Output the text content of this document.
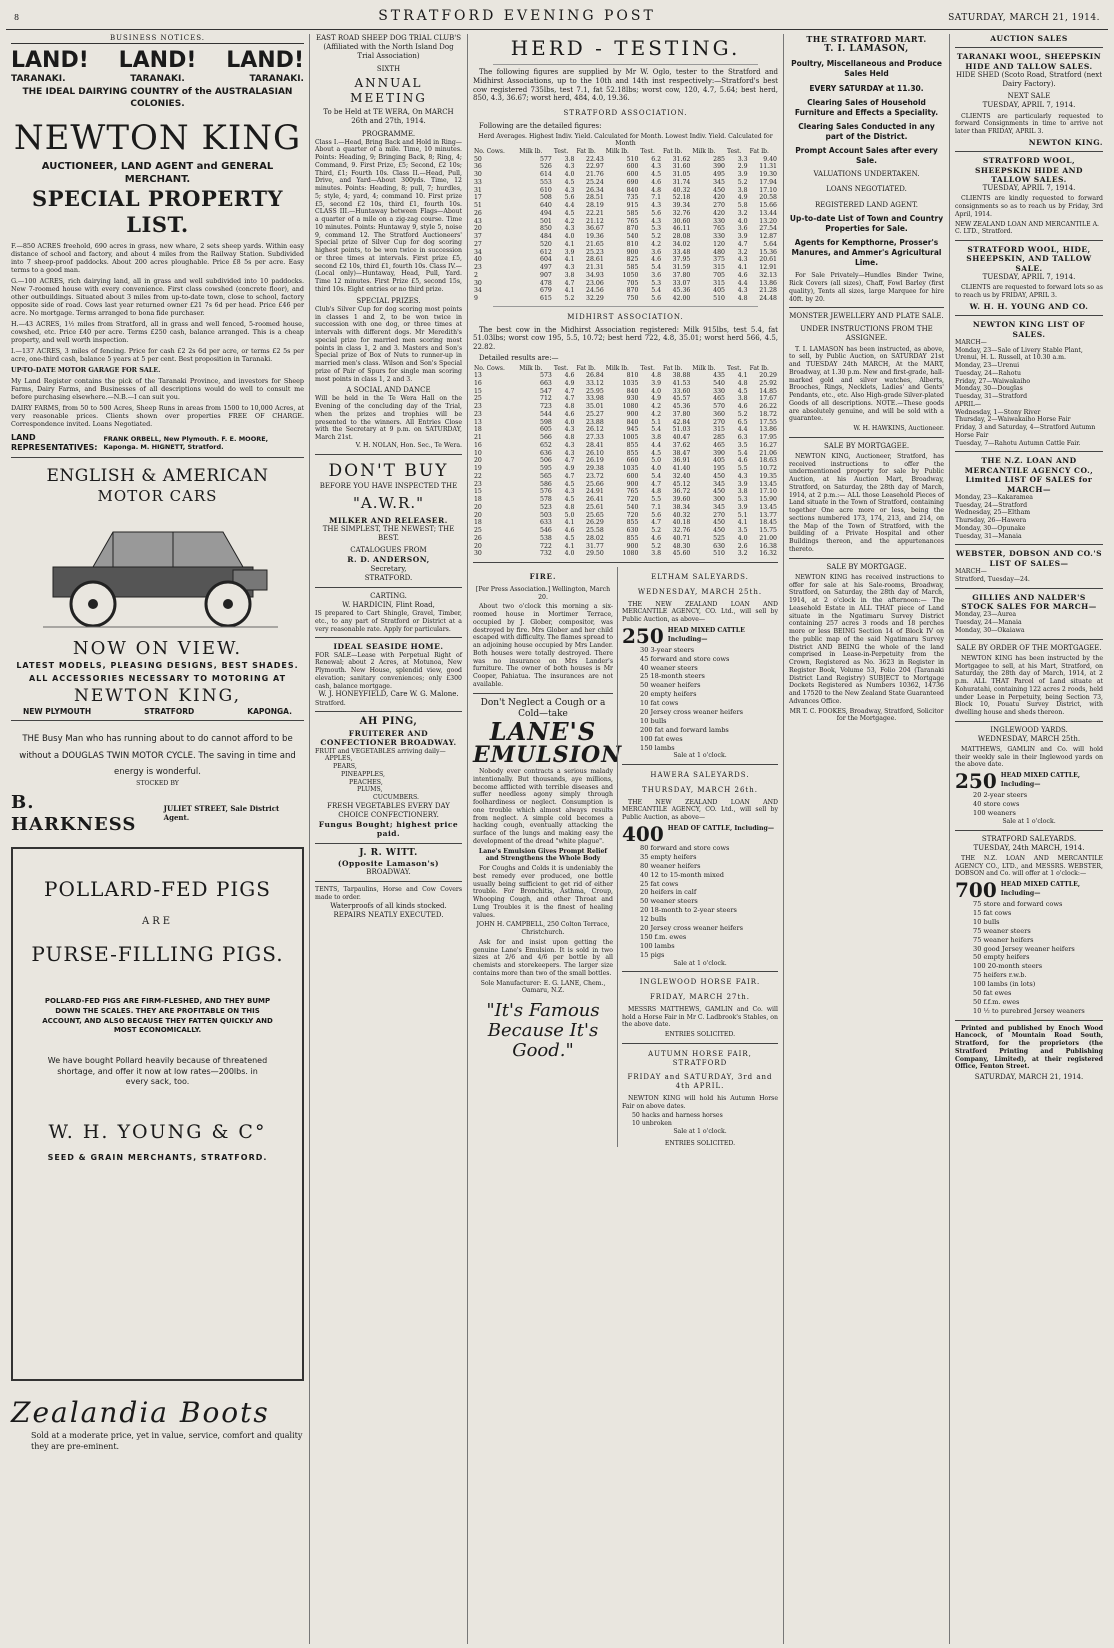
8	STRATFORD EVENING POST	SATURDAY, MARCH 21, 1914.
BUSINESS NOTICES.
LAND! LAND! LAND!
TARANAKI.	TARANAKI.	TARANAKI.
THE IDEAL DAIRYING COUNTRY of the AUSTRALASIAN COLONIES.
NEWTON KING
AUCTIONEER, LAND AGENT and GENERAL MERCHANT.
SPECIAL PROPERTY LIST.

F.—850 ACRES freehold, 690 acres in grass, new whare, 2 sets sheep yards. Within easy distance of school and factory, and about 4 miles from the Railway Station. Subdivided into 7 sheep-proof paddocks. About 200 acres ploughable. Price £8 5s per acre. Easy terms to a good man.

G.—100 ACRES, rich dairying land, all in grass and well subdivided into 10 paddocks. New 7-roomed house with every convenience. First class cowshed (concrete floor), and other outbuildings. Situated about 3 miles from up-to-date town, close to school, factory opposite side of road. Cows last year returned owner £21 7s 6d per head. Price £46 per acre. No mortgage. Terms arranged to bona fide purchaser.

H.—43 ACRES, 1½ miles from Stratford, all in grass and well fenced, 5-roomed house, cowshed, etc. Price £40 per acre. Terms £250 cash, balance arranged. This is a cheap property, and well worth inspection.

I.—137 ACRES, 3 miles of fencing. Price for cash £2 2s 6d per acre, or terms £2 5s per acre, one-third cash, balance 5 years at 5 per cent. Best proposition in Taranaki.

UP-TO-DATE MOTOR GARAGE FOR SALE.

My Land Register contains the pick of the Taranaki Province, and investors for Sheep Farms, Dairy Farms, and Businesses of all descriptions would do well to consult me before purchasing elsewhere.—N.B.—I can suit you.

DAIRY FARMS, from 50 to 500 Acres, Sheep Runs in areas from 1500 to 10,000 Acres, at very reasonable prices. Clients shown over properties FREE OF CHARGE. Correspondence invited. Loans Negotiated.

LAND REPRESENTATIVES:
FRANK ORBELL, New Plymouth. F. E. MOORE, Kaponga. M. HIGNETT, Stratford.
ENGLISH & AMERICAN
MOTOR CARS
NOW ON VIEW.
LATEST MODELS, PLEASING DESIGNS, BEST SHADES.
ALL ACCESSORIES NECESSARY TO MOTORING AT
NEWTON KING,
NEW PLYMOUTH	STRATFORD	KAPONGA.
THE Busy Man who has running about to do cannot afford to be without a DOUGLAS TWIN MOTOR CYCLE. The saving in time and energy is wonderful.
STOCKED BY
B. HARKNESS
JULIET STREET, Sale District Agent.
POLLARD-FED PIGS
ARE
PURSE-FILLING PIGS.
POLLARD-FED PIGS ARE FIRM-FLESHED, AND THEY BUMP DOWN THE SCALES. THEY ARE PROFITABLE ON THIS ACCOUNT, AND ALSO BECAUSE THEY FATTEN QUICKLY AND MOST ECONOMICALLY.
We have bought Pollard heavily because of threatened shortage, and offer it now at low rates—200lbs. in every sack, too.
W. H. YOUNG & C°
SEED & GRAIN MERCHANTS, STRATFORD.
Zealandia Boots
Sold at a moderate price, yet in value, service, comfort and quality they are pre-eminent.
EAST ROAD SHEEP DOG TRIAL CLUB'S
(Affiliated with the North Island Dog Trial Association)
SIXTH
ANNUAL MEETING
To be Held at TE WERA, On MARCH 26th and 27th, 1914.
PROGRAMME.
Class I.—Head, Bring Back and Hold in Ring—About a quarter of a mile. Time, 10 minutes. Points: Heading, 9; Bringing Back, 8; Ring, 4; Command, 9. First Prize, £5; Second, £2 10s; Third, £1; Fourth 10s. Class II.—Head, Pull, Drive, and Yard—About 300yds. Time, 12 minutes. Points: Heading, 8; pull, 7; hurdles, 5; style, 4; yard, 4; command 10. First prize £5, second £2 10s, third £1, fourth 10s. CLASS III.—Huntaway between Flags—About a quarter of a mile on a zig-zag course. Time 10 minutes. Points: Huntaway 9, style 5, noise 9, command 12. The Stratford Auctioneers' Special prize of Silver Cup for dog scoring highest points, to be won twice in succession or three times at intervals. First prize £5, second £2 10s, third £1, fourth 10s. Class IV.—(Local only)—Huntaway, Head, Pull, Yard. Time 12 minutes. First Prize £5, second 15s, third 10s. Eight entries or no third prize.
SPECIAL PRIZES.
Club's Silver Cup for dog scoring most points in classes 1 and 2, to be won twice in succession with one dog, or three times at intervals with different dogs. Mr Meredith's special prize for married men scoring most points in class 1, 2 and 3. Masters and Son's Special prize of Box of Nuts to runner-up in married men's class. Wilson and Son's Special prize of Pair of Spurs for single man scoring most points in class 1, 2 and 3.
A SOCIAL AND DANCE
Will be held in the Te Wera Hall on the Evening of the concluding day of the Trial, when the prizes and trophies will be presented to the winners. All Entries Close with the Secretary at 9 p.m. on SATURDAY, March 21st.
V. H. NOLAN, Hon. Sec., Te Wera.
DON'T BUY
BEFORE YOU HAVE INSPECTED THE
"A.W.R."
MILKER AND RELEASER.
THE SIMPLEST, THE NEWEST; THE BEST.
CATALOGUES FROM
R. D. ANDERSON,
Secretary,
STRATFORD.
CARTING.
W. HARDICIN, Flint Road,
IS prepared to Cart Shingle, Gravel, Timber, etc., to any part of Stratford or District at a very reasonable rate. Apply for particulars.
IDEAL SEASIDE HOME.
FOR SALE—Lease with Perpetual Right of Renewal; about 2 Acres, at Motunoa, New Plymouth. New House, splendid view, good elevation; sanitary conveniences; only £300 cash, balance mortgage.
W. J. HONEYFIELD, Care W. G. Malone.
Stratford.
AH PING,
FRUITERER AND CONFECTIONER BROADWAY.
FRUIT and VEGETABLES arriving daily—
APPLES,
PEARS,
PINEAPPLES,
PEACHES,
PLUMS,
CUCUMBERS.
FRESH VEGETABLES EVERY DAY CHOICE CONFECTIONERY.
Fungus Bought; highest price paid.
J. R. WITT.
(Opposite Lamason's)
BROADWAY.
TENTS, Tarpaulins, Horse and Cow Covers made to order.
Waterproofs of all kinds stocked.
REPAIRS NEATLY EXECUTED.
HERD - TESTING.

The following figures are supplied by Mr W. Oglo, tester to the Stratford and Midhirst Associations, up to the 10th and 14th inst respectively:—Stratford's best cow registered 735lbs, test 7.1, fat 52.18lbs; worst cow, 120, 4.7, 5.64; best herd, 850, 4.3, 36.67; worst herd, 484, 4.0, 19.36.

STRATFORD ASSOCIATION.

Following are the detailed figures:

Herd Averages. Highest Indiv. Yield. Calculated for Month. Lowest Indiv. Yield. Calculated for Month
No. Cows.	Milk lb.	Test.	Fat lb.	Milk lb.	Test.	Fat lb.	Milk lb.	Test.	Fat lb.
50	577	3.8	22.43	510	6.2	31.62	285	3.3	9.40
36	526	4.3	22.97	600	4.3	31.60	390	2.9	11.31
30	614	4.0	21.76	600	4.5	31.05	495	3.9	19.30
33	553	4.5	25.24	690	4.6	31.74	345	5.2	17.94
31	610	4.3	26.34	840	4.8	40.32	450	3.8	17.10
17	508	5.6	28.51	735	7.1	52.18	420	4.9	20.58
51	640	4.4	28.19	915	4.3	39.34	270	5.8	15.66
26	494	4.5	22.21	585	5.6	32.76	420	3.2	13.44
43	501	4.2	21.12	765	4.3	30.60	330	4.0	13.20
20	850	4.3	36.67	870	5.3	46.11	765	3.6	27.54
37	484	4.0	19.36	540	5.2	28.08	330	3.9	12.87
27	520	4.1	21.65	810	4.2	34.02	120	4.7	5.64
34	612	3.9	25.23	900	3.6	33.48	480	3.2	15.36
40	604	4.1	28.61	825	4.6	37.95	375	4.3	20.61
23	497	4.3	21.31	585	5.4	31.59	315	4.1	12.91
2	907	3.8	34.93	1050	3.6	37.80	705	4.6	32.13
30	478	4.7	23.06	705	5.3	33.07	315	4.4	13.86
34	679	4.1	24.56	870	5.4	45.36	405	4.3	21.28
9	615	5.2	32.29	750	5.6	42.00	510	4.8	24.48
MIDHIRST ASSOCIATION.

The best cow in the Midhirst Association registered: Milk 915lbs, test 5.4, fat 51.03lbs; worst cow 195, 5.5, 10.72; best herd 722, 4.8, 35.01; worst herd 566, 4.5, 22.82.

Detailed results are:—

No. Cows.	Milk lb.	Test.	Fat lb.	Milk lb.	Test.	Fat lb.	Milk lb.	Test.	Fat lb.
13	573	4.6	26.84	810	4.8	38.88	435	4.1	20.29
16	663	4.9	33.12	1035	3.9	41.53	540	4.8	25.92
15	547	4.7	25.95	840	4.0	33.60	330	4.5	14.85
25	712	4.7	33.98	930	4.9	45.57	465	3.8	17.67
23	723	4.8	35.01	1080	4.2	45.36	570	4.6	26.22
23	544	4.6	25.27	900	4.2	37.80	360	5.2	18.72
13	598	4.0	23.88	840	5.1	42.84	270	6.5	17.55
18	605	4.3	26.12	945	5.4	51.03	315	4.4	13.86
21	566	4.8	27.33	1005	3.8	40.47	285	6.3	17.95
16	652	4.3	28.41	855	4.4	37.62	465	3.5	16.27
10	636	4.3	26.10	855	4.5	38.47	390	5.4	21.06
20	506	4.7	26.19	660	5.0	36.91	405	4.6	18.63
19	595	4.9	29.38	1035	4.0	41.40	195	5.5	10.72
22	565	4.7	23.72	600	5.4	32.40	450	4.3	19.35
23	586	4.5	25.66	900	4.7	45.12	345	3.9	13.45
15	576	4.3	24.91	765	4.8	36.72	450	3.8	17.10
18	578	4.5	26.41	720	5.5	39.60	300	5.3	15.90
20	523	4.8	25.61	540	7.1	38.34	345	3.9	13.45
20	503	5.0	25.65	720	5.6	40.32	270	5.1	13.77
18	633	4.1	26.29	855	4.7	40.18	450	4.1	18.45
25	546	4.6	25.58	630	5.2	32.76	450	3.5	15.75
26	538	4.5	28.02	855	4.6	40.71	525	4.0	21.00
20	722	4.1	31.77	900	5.2	48.30	630	2.6	16.38
30	732	4.0	29.50	1080	3.8	45.60	510	3.2	16.32
FIRE.
[Per Press Association.] Wellington, March 20.

About two o'clock this morning a six-roomed house in Mortimer Terrace, occupied by J. Glober, compositor, was destroyed by fire. Mrs Glober and her child escaped with difficulty. The flames spread to an adjoining house occupied by Mrs Lander. Both houses were totally destroyed. There was no insurance on Mrs Lander's furniture. The owner of both houses is Mr Cooper, Pahiatua. The insurances are not available.

Don't Neglect a Cough or a Cold—take
LANE'S
EMULSION

Nobody ever contracts a serious malady intentionally. But thousands, aye millions, become afflicted with terrible diseases and suffer needless agony simply through foolhardiness or neglect. Consumption is one trouble which almost always results from neglect. A simple cold becomes a hacking cough, eventually attacking the surface of the lungs and making easy the development of the dread "white plague".

Lane's Emulsion Gives Prompt Relief and Strengthens the Whole Body

For Coughs and Colds it is undeniably the best remedy ever produced, one bottle usually being sufficient to get rid of either trouble. For Bronchitis, Asthma, Croup, Whooping Cough, and other Throat and Lung Troubles it is the finest of healing values.

JOHN H. CAMPBELL, 250 Colton Terrace, Christchurch.

Ask for and insist upon getting the genuine Lane's Emulsion. It is sold in two sizes at 2/6 and 4/6 per bottle by all chemists and storekeepers. The larger size contains more than two of the small bottles.

Sole Manufacturer: E. G. LANE, Chem., Oamaru, N.Z.
"It's Famous Because It's Good."
ELTHAM SALEYARDS.
WEDNESDAY, MARCH 25th.

THE NEW ZEALAND LOAN AND MERCANTILE AGENCY, CO. Ltd., will sell by Public Auction, as above—

250 HEAD MIXED CATTLE Including—
30 3-year steers
45 forward and store cows
40 weaner steers
25 18-month steers
50 weaner heifers
20 empty heifers
10 fat cows
20 Jersey cross weaner heifers
10 bulls
200 fat and forward lambs
100 fat ewes
150 lambs
Sale at 1 o'clock.
HAWERA SALEYARDS.
THURSDAY, MARCH 26th.

THE NEW ZEALAND LOAN AND MERCANTILE AGENCY, CO. Ltd., will sell by Public Auction, as above—

400 HEAD OF CATTLE, Including—
80 forward and store cows
35 empty heifers
80 weaner heifers
40 12 to 15-month mixed
25 fat cows
20 heifers in calf
50 weaner steers
20 18-month to 2-year steers
12 bulls
20 Jersey cross weaner heifers
150 f.m. ewes
100 lambs
15 pigs
Sale at 1 o'clock.
INGLEWOOD HORSE FAIR.
FRIDAY, MARCH 27th.

MESSRS MATTHEWS, GAMLIN and Co. will hold a Horse Fair in Mr C. Ladbrook's Stables, on the above date.

ENTRIES SOLICITED.
AUTUMN HORSE FAIR, STRATFORD
FRIDAY and SATURDAY, 3rd and 4th APRIL.

NEWTON KING will hold his Autumn Horse Fair on above dates.

50 hacks and harness horses
10 unbroken
Sale at 1 o'clock.
ENTRIES SOLICITED.
THE STRATFORD MART.
T. I. LAMASON,
Poultry, Miscellaneous and Produce Sales Held
EVERY SATURDAY at 11.30.
Clearing Sales of Household Furniture and Effects a Speciality.
Clearing Sales Conducted in any part of the District.
Prompt Account Sales after every Sale.
VALUATIONS UNDERTAKEN.
LOANS NEGOTIATED.
REGISTERED LAND AGENT.
Up-to-date List of Town and Country Properties for Sale.
Agents for Kempthorne, Prosser's Manures, and Ammer's Agricultural Lime.

For Sale Privately—Hundles Binder Twine, Rick Covers (all sizes), Chaff, Fowl Barley (first quality), Tents all sizes, large Marquee for hire 40ft. by 20.

MONSTER JEWELLERY AND PLATE SALE.
UNDER INSTRUCTIONS FROM THE ASSIGNEE.

T. I. LAMASON has been instructed, as above, to sell, by Public Auction, on SATURDAY 21st and TUESDAY 24th MARCH, At the MART, Broadway, at 1.30 p.m. New and first-grade, hall-marked gold and silver watches, Alberts, Brooches, Rings, Necklets, Ladies' and Gents' Pendants, etc., etc. Also High-grade Silver-plated Goods of all descriptions. NOTE.—These goods are absolutely genuine, and will be sold with a guarantee.

W. H. HAWKINS, Auctioneer.
SALE BY MORTGAGEE.

NEWTON KING, Auctioneer, Stratford, has received instructions to offer the undermentioned property for sale by Public Auction, at his Auction Mart, Broadway, Stratford, on Saturday, the 28th day of March, 1914, at 2 p.m.:— ALL those Leasehold Pieces of Land situate in the Town of Stratford, containing together One acre more or less, being the sections numbered 173, 174, 213, and 214, on the Map of the Town of Stratford, with the building of a Private Hospital and other Buildings thereon, and the appurtenances thereto.

SALE BY MORTGAGE.

NEWTON KING has received instructions to offer for sale at his Sale-rooms, Broadway, Stratford, on Saturday, the 28th day of March, 1914, at 2 o'clock in the afternoon:— The Leasehold Estate in ALL THAT piece of Land situate in the Ngatimaru Survey District containing 257 acres 3 roods and 18 perches more or less BEING Section 14 of Block IV on the public map of the said Ngatimaru Survey District AND BEING the whole of the land comprised in Lease-in-Perpetuity from the Crown, Registered as No. 3623 in Register in Register Book, Volume 53, Folio 204 (Taranaki District Land Registry) SUBJECT to Mortgage Dockets Registered as Numbers 10362, 14736 and 17520 to the New Zealand State Guaranteed Advances Office.

MR T. C. FOOKES, Broadway, Stratford, Solicitor for the Mortgagee.
AUCTION SALES
TARANAKI WOOL, SHEEPSKIN HIDE AND TALLOW SALES.
HIDE SHED (Scoto Road, Stratford (next Dairy Factory).
NEXT SALE
TUESDAY, APRIL 7, 1914.

CLIENTS are particularly requested to forward Consignments in time to arrive not later than FRIDAY, APRIL 3.

NEWTON KING.
STRATFORD WOOL, SHEEPSKIN HIDE AND TALLOW SALES.
TUESDAY, APRIL 7, 1914.

CLIENTS are kindly requested to forward consignments so as to reach us by Friday, 3rd April, 1914.

NEW ZEALAND LOAN AND MERCANTILE A. C. LTD., Stratford.
STRATFORD WOOL, HIDE, SHEEPSKIN, AND TALLOW SALE.
TUESDAY, APRIL 7, 1914.

CLIENTS are requested to forward lots so as to reach us by FRIDAY, APRIL 3.

W. H. H. YOUNG AND CO.
NEWTON KING LIST OF SALES.
MARCH—
Monday, 23—Sale of Livery Stable Plant, Urenui, H. L. Russell, at 10.30 a.m.
Monday, 23—Urenui
Tuesday, 24—Rahotu
Friday, 27—Waiwakaiho
Monday, 30—Douglas
Tuesday, 31—Stratford
APRIL—
Wednesday, 1—Stony River
Thursday, 2—Waiwakaiho Horse Fair
Friday, 3 and Saturday, 4—Stratford Autumn Horse Fair
Tuesday, 7—Rahotu Autumn Cattle Fair.
THE N.Z. LOAN AND MERCANTILE AGENCY CO., Limited LIST OF SALES for MARCH—
Monday, 23—Kakaramea
Tuesday, 24—Stratford
Wednesday, 25—Eltham
Thursday, 26—Hawera
Monday, 30—Opunake
Tuesday, 31—Manaia
WEBSTER, DOBSON AND CO.'S LIST OF SALES—
MARCH—
Stratford, Tuesday—24.
GILLIES AND NALDER'S STOCK SALES FOR MARCH—
Monday, 23—Aurea
Tuesday, 24—Manaia
Monday, 30—Okaiawa
SALE BY ORDER OF THE MORTGAGEE.

NEWTON KING has been instructed by the Mortgagee to sell, at his Mart, Stratford, on Saturday, the 28th day of March, 1914, at 2 p.m. ALL THAT Parcel of Land situate at Kohuratahi, containing 122 acres 2 roods, held under Lease in Perpetuity, being Section 73, Block 10, Pouatu Survey District, with dwelling house and sheds thereon.

INGLEWOOD YARDS.
WEDNESDAY, MARCH 25th.

MATTHEWS, GAMLIN and Co. will hold their weekly sale in their Inglewood yards on the above date.

250 HEAD MIXED CATTLE, Including—
20 2-year steers
40 store cows
100 weaners
Sale at 1 o'clock.
STRATFORD SALEYARDS.
TUESDAY, 24th MARCH, 1914.

THE N.Z. LOAN AND MERCANTILE AGENCY CO., LTD., and MESSRS. WEBSTER, DOBSON and Co. will offer at 1 o'clock:—

700 HEAD MIXED CATTLE, Including—
75 store and forward cows
15 fat cows
10 bulls
75 weaner steers
75 weaner heifers
30 good Jersey weaner heifers
50 empty heifers
100 20-month steers
75 heifers r.w.b.
100 lambs (in lots)
50 fat ewes
50 f.f.m. ewes
10 ½ to purebred Jersey weaners

Printed and published by Enoch Wood Hancock, of Mountain Road South, Stratford, for the proprietors (the Stratford Printing and Publishing Company, Limited), at their registered Office, Fenton Street.

SATURDAY, MARCH 21, 1914.
